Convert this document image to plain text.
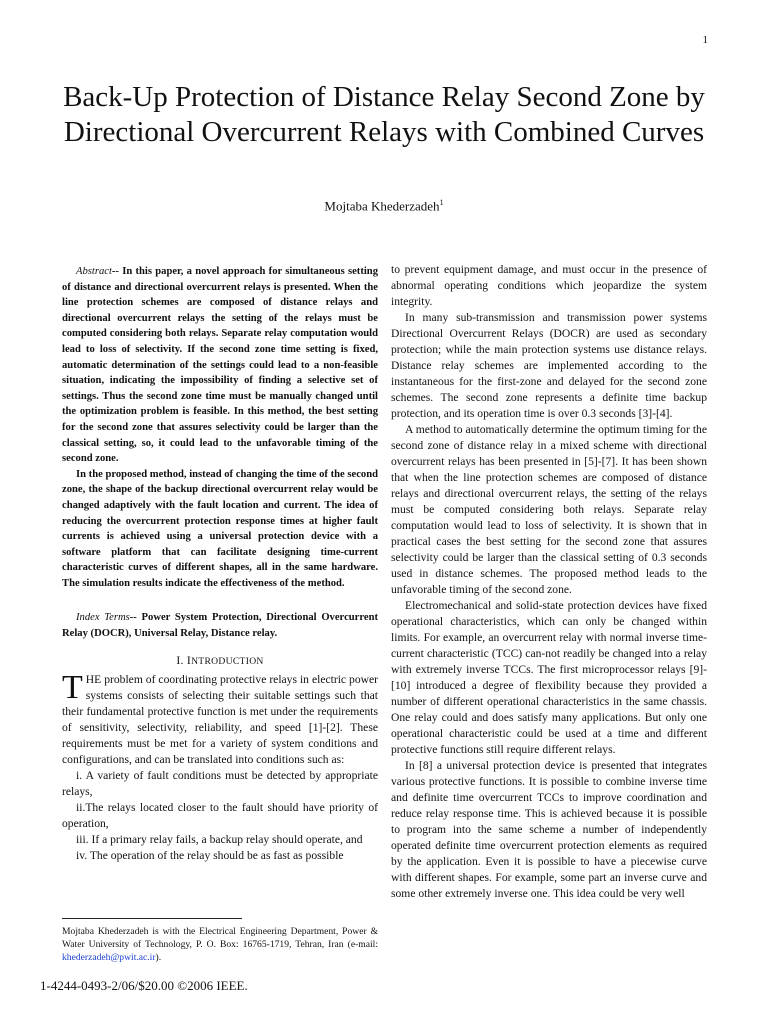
1
Back-Up Protection of Distance Relay Second Zone by Directional Overcurrent Relays with Combined Curves
Mojtaba Khederzadeh$^1$

Abstract-- In this paper, a novel approach for simultaneous setting of distance and directional overcurrent relays is presented. When the line protection schemes are composed of distance relays and directional overcurrent relays the setting of the relays must be computed considering both relays. Separate relay computation would lead to loss of selectivity. If the second zone time setting is fixed, automatic determination of the settings could lead to a non-feasible situation, indicating the impossibility of finding a selective set of settings. Thus the second zone time must be manually changed until the optimization problem is feasible. In this method, the best setting for the second zone that assures selectivity could be larger than the classical setting, so, it could lead to the unfavorable timing of the second zone.

In the proposed method, instead of changing the time of the second zone, the shape of the backup directional overcurrent relay would be changed adaptively with the fault location and current. The idea of reducing the overcurrent protection response times at higher fault currents is achieved using a universal protection device with a software platform that can facilitate designing time-current characteristic curves of different shapes, all in the same hardware. The simulation results indicate the effectiveness of the method.

Index Terms-- Power System Protection, Directional Overcurrent Relay (DOCR), Universal Relay, Distance relay.

I. INTRODUCTION

THE problem of coordinating protective relays in electric power systems consists of selecting their suitable settings such that their fundamental protective function is met under the requirements of sensitivity, selectivity, reliability, and speed [1]-[2]. These requirements must be met for a variety of system conditions and configurations, and can be translated into conditions such as:

i. A variety of fault conditions must be detected by appropriate relays,

ii.The relays located closer to the fault should have priority of operation,

iii. If a primary relay fails, a backup relay should operate, and

iv. The operation of the relay should be as fast as possible

Mojtaba Khederzadeh is with the Electrical Engineering Department, Power & Water University of Technology, P. O. Box: 16765-1719, Tehran, Iran (e-mail: khederzadeh@pwit.ac.ir).
1-4244-0493-2/06/$20.00 ©2006 IEEE.

to prevent equipment damage, and must occur in the presence of abnormal operating conditions which jeopardize the system integrity.

In many sub-transmission and transmission power systems Directional Overcurrent Relays (DOCR) are used as secondary protection; while the main protection systems use distance relays. Distance relay schemes are implemented according to the instantaneous for the first-zone and delayed for the second zone schemes. The second zone represents a definite time backup protection, and its operation time is over 0.3 seconds [3]-[4].

A method to automatically determine the optimum timing for the second zone of distance relay in a mixed scheme with directional overcurrent relays has been presented in [5]-[7]. It has been shown that when the line protection schemes are composed of distance relays and directional overcurrent relays, the setting of the relays must be computed considering both relays. Separate relay computation would lead to loss of selectivity. It is shown that in practical cases the best setting for the second zone that assures selectivity could be larger than the classical setting of 0.3 seconds used in distance schemes. The proposed method leads to the unfavorable timing of the second zone.

Electromechanical and solid-state protection devices have fixed operational characteristics, which can only be changed within limits. For example, an overcurrent relay with normal inverse time-current characteristic (TCC) can-not readily be changed into a relay with extremely inverse TCCs. The first microprocessor relays [9]-[10] introduced a degree of flexibility because they provided a number of different operational characteristics in the same chassis. One relay could and does satisfy many applications. But only one operational characteristic could be used at a time and different protective functions still require different relays.

In [8] a universal protection device is presented that integrates various protective functions. It is possible to combine inverse time and definite time overcurrent TCCs to improve coordination and reduce relay response time. This is achieved because it is possible to program into the same scheme a number of independently operated definite time overcurrent protection elements as required by the application. Even it is possible to have a piecewise curve with different shapes. For example, some part an inverse curve and some other extremely inverse one. This idea could be very well
